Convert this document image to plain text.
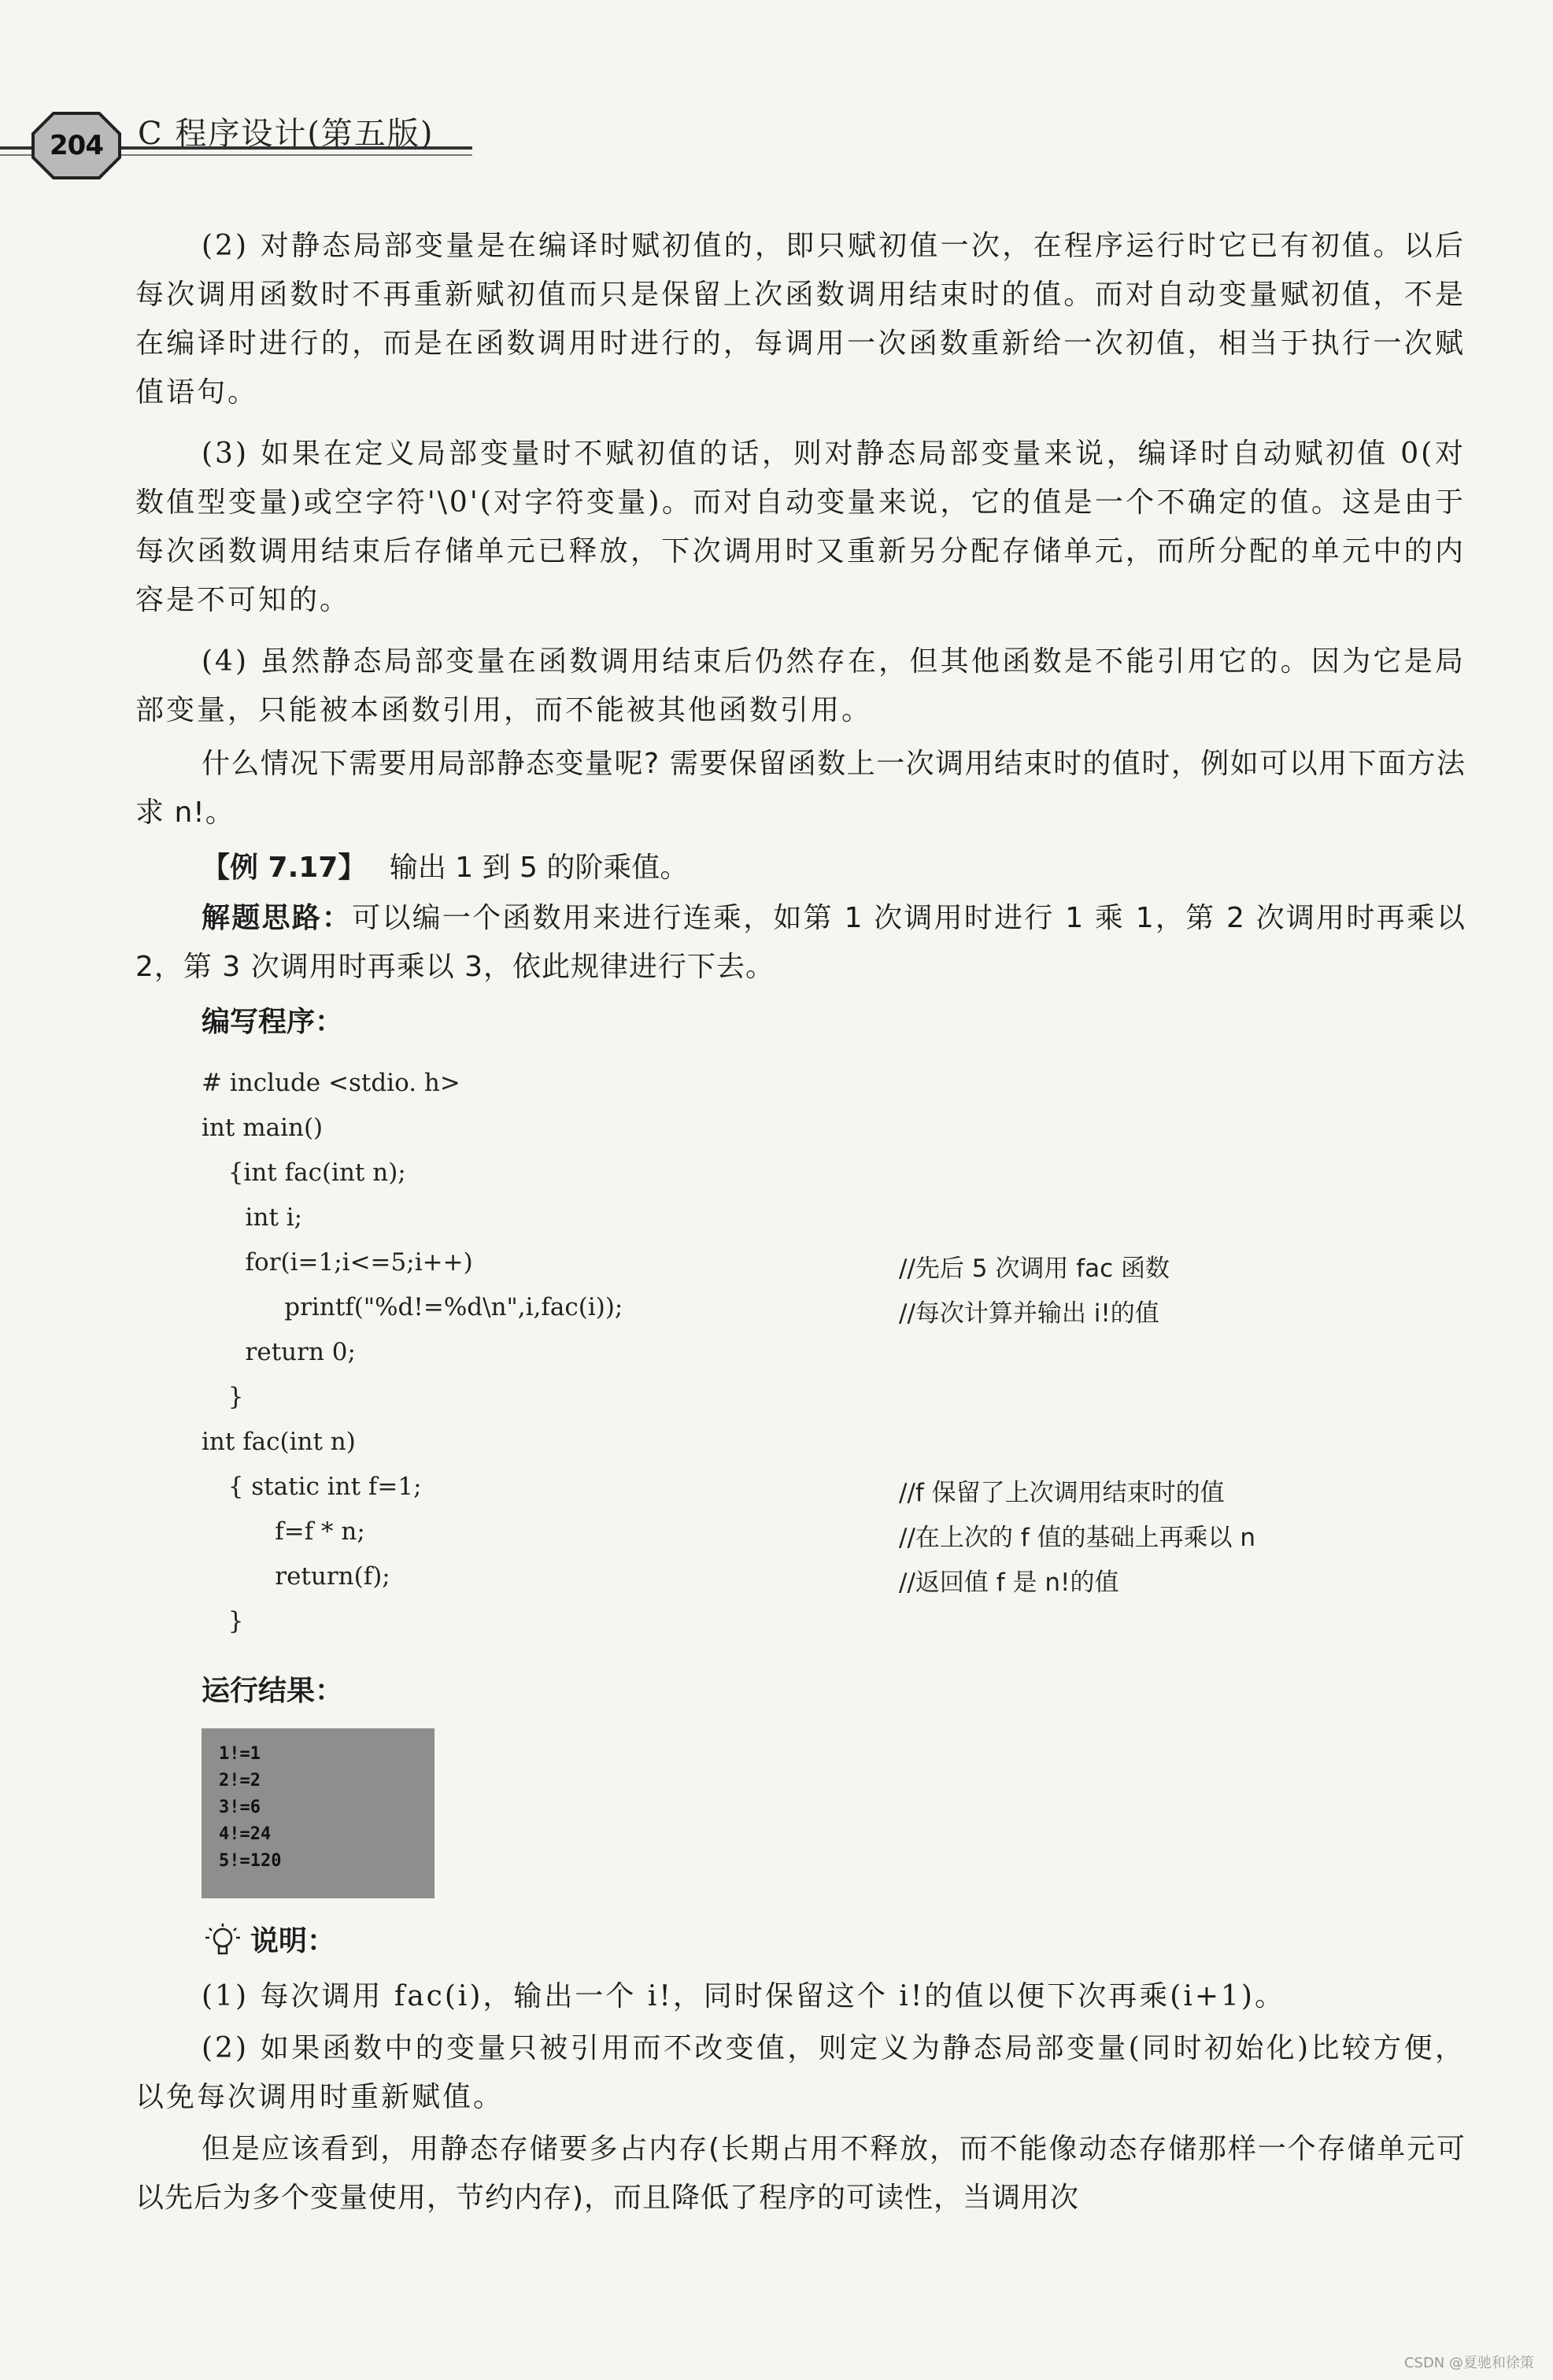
204 C 程序设计(第五版)
(2) 对静态局部变量是在编译时赋初值的，即只赋初值一次，在程序运行时它已有初值。以后每次调用函数时不再重新赋初值而只是保留上次函数调用结束时的值。而对自动变量赋初值，不是在编译时进行的，而是在函数调用时进行的，每调用一次函数重新给一次初值，相当于执行一次赋值语句。
(3) 如果在定义局部变量时不赋初值的话，则对静态局部变量来说，编译时自动赋初值 0(对数值型变量)或空字符'\0'(对字符变量)。而对自动变量来说，它的值是一个不确定的值。这是由于每次函数调用结束后存储单元已释放，下次调用时又重新另分配存储单元，而所分配的单元中的内容是不可知的。
(4) 虽然静态局部变量在函数调用结束后仍然存在，但其他函数是不能引用它的。因为它是局部变量，只能被本函数引用，而不能被其他函数引用。
什么情况下需要用局部静态变量呢? 需要保留函数上一次调用结束时的值时，例如可以用下面方法求 n!。
【例 7.17】 输出 1 到 5 的阶乘值。
解题思路：可以编一个函数用来进行连乘，如第 1 次调用时进行 1 乘 1，第 2 次调用时再乘以 2，第 3 次调用时再乘以 3，依此规律进行下去。
编写程序：

# include <stdio. h>

int main()

{int fac(int n);

int i;

for(i=1;i<=5;i++)

	//先后 5 次调用 fac 函数

printf("%d!=%d\n",i,fac(i));

	//每次计算并输出 i!的值

return 0;

}

int fac(int n)

{ static int f=1;

	//f 保留了上次调用结束时的值

f=f * n;

	//在上次的 f 值的基础上再乘以 n

return(f);

	//返回值 f 是 n!的值

}

运行结果：
1!=1
2!=2
3!=6
4!=24
5!=120
说明：
(1) 每次调用 fac(i)，输出一个 i!，同时保留这个 i!的值以便下次再乘(i+1)。
(2) 如果函数中的变量只被引用而不改变值，则定义为静态局部变量(同时初始化)比较方便，以免每次调用时重新赋值。
但是应该看到，用静态存储要多占内存(长期占用不释放，而不能像动态存储那样一个存储单元可以先后为多个变量使用，节约内存)，而且降低了程序的可读性，当调用次
CSDN @夏驰和徐策
